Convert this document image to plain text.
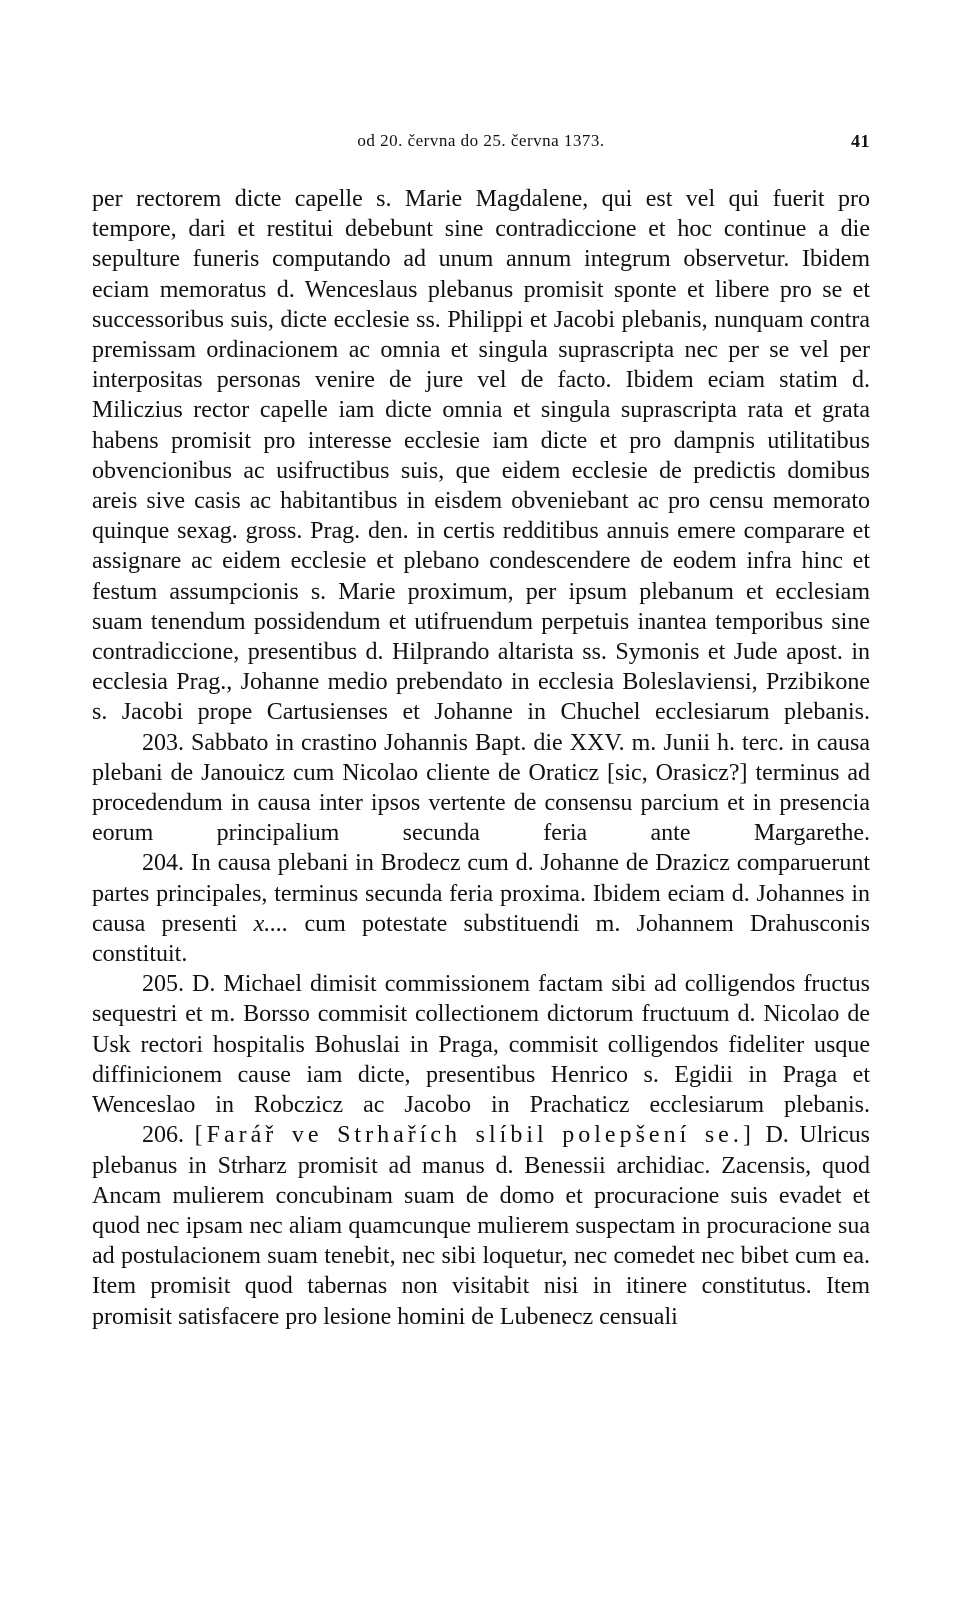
od 20. června do 25. června 1373.	41

per rectorem dicte capelle s. Marie Magdalene, qui est vel qui fuerit pro tempore, dari et restitui debebunt sine contradiccione et hoc continue a die sepulture funeris computando ad unum annum integrum observetur. Ibidem eciam memoratus d. Wenceslaus plebanus promisit sponte et libere pro se et successoribus suis, dicte ecclesie ss. Philippi et Jacobi plebanis, nunquam contra premissam ordinacionem ac omnia et singula suprascripta nec per se vel per interpositas personas venire de jure vel de facto. Ibidem eciam statim d. Miliczius rector capelle iam dicte omnia et singula suprascripta rata et grata habens promisit pro interesse ecclesie iam dicte et pro dampnis utilitatibus obvencionibus ac usifructibus suis, que eidem ecclesie de predictis domibus areis sive casis ac habitantibus in eisdem obveniebant ac pro censu memorato quinque sexag. gross. Prag. den. in certis redditibus annuis emere comparare et assignare ac eidem ecclesie et plebano condescendere de eodem infra hinc et festum assumpcionis s. Marie proximum, per ipsum plebanum et ecclesiam suam tenendum possidendum et utifruendum perpetuis inantea temporibus sine contradiccione, presentibus d. Hilprando altarista ss. Symonis et Jude apost. in ecclesia Prag., Johanne medio prebendato in ecclesia Boleslaviensi, Przibikone s. Jacobi prope Cartusienses et Johanne in Chuchel ecclesiarum plebanis.

203. Sabbato in crastino Johannis Bapt. die XXV. m. Junii h. terc. in causa plebani de Janouicz cum Nicolao cliente de Oraticz [sic, Orasicz?] terminus ad procedendum in causa inter ipsos vertente de consensu parcium et in presencia eorum principalium secunda feria ante Margarethe.

204. In causa plebani in Brodecz cum d. Johanne de Drazicz comparuerunt partes principales, terminus secunda feria proxima. Ibidem eciam d. Johannes in causa presenti x.... cum potestate substituendi m. Johannem Drahusconis constituit.

205. D. Michael dimisit commissionem factam sibi ad colligendos fructus sequestri et m. Borsso commisit collectionem dictorum fructuum d. Nicolao de Usk rectori hospitalis Bohuslai in Praga, commisit colligendos fideliter usque diffinicionem cause iam dicte, presentibus Henrico s. Egidii in Praga et Wenceslao in Robczicz ac Jacobo in Prachaticz ecclesiarum plebanis.

206. [Farář ve Strhařích slíbil polepšení se.] D. Ulricus plebanus in Strharz promisit ad manus d. Benessii archidiac. Zacensis, quod Ancam mulierem concubinam suam de domo et procuracione suis evadet et quod nec ipsam nec aliam quamcunque mulierem suspectam in procuracione sua ad postulacionem suam tenebit, nec sibi loquetur, nec comedet nec bibet cum ea. Item promisit quod tabernas non visitabit nisi in itinere constitutus. Item promisit satisfacere pro lesione homini de Lubenecz censuali
